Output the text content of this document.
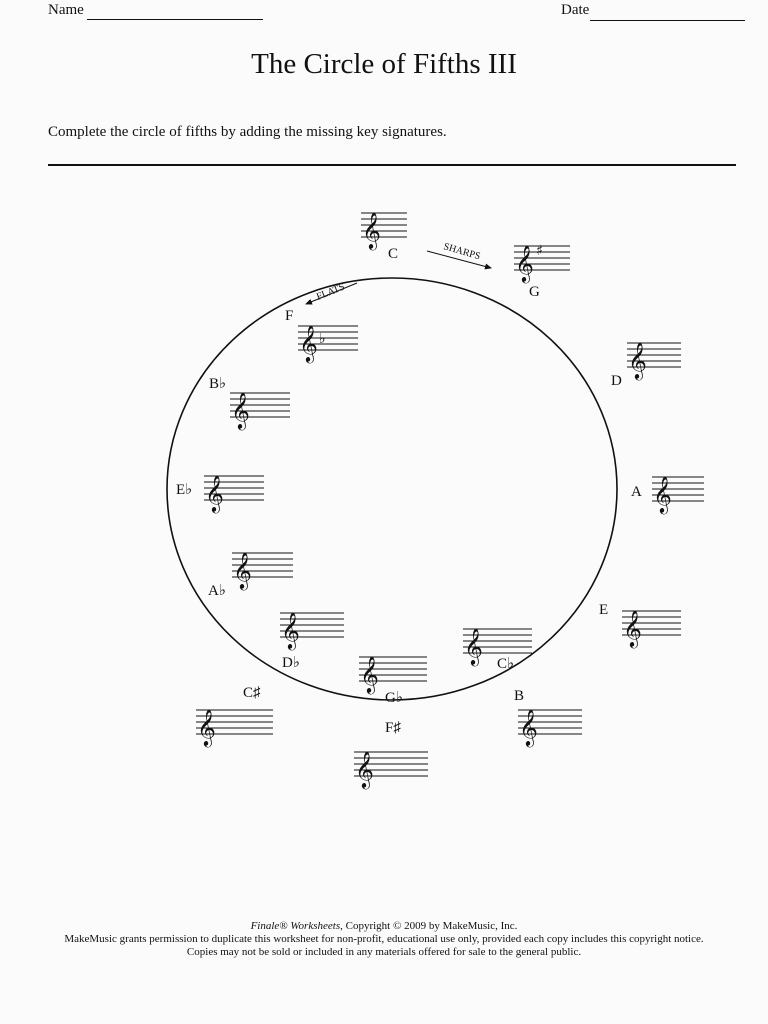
Name	Date
The Circle of Fifths III
Complete the circle of fifths by adding the missing key signatures.
SHARPS
FLATS
𝄞
C	𝄞 ♯
G
𝄞
D
𝄞
A
𝄞
E
𝄞
B
𝄞
F♯
𝄞
C♯
𝄞 C♭
𝄞
G♭
𝄞
D♭
𝄞
A♭
𝄞
E♭
𝄞
B♭
𝄞 ♭
F

Finale® Worksheets, Copyright © 2009 by MakeMusic, Inc.

MakeMusic grants permission to duplicate this worksheet for non-profit, educational use only, provided each copy includes this copyright notice.

Copies may not be sold or included in any materials offered for sale to the general public.
